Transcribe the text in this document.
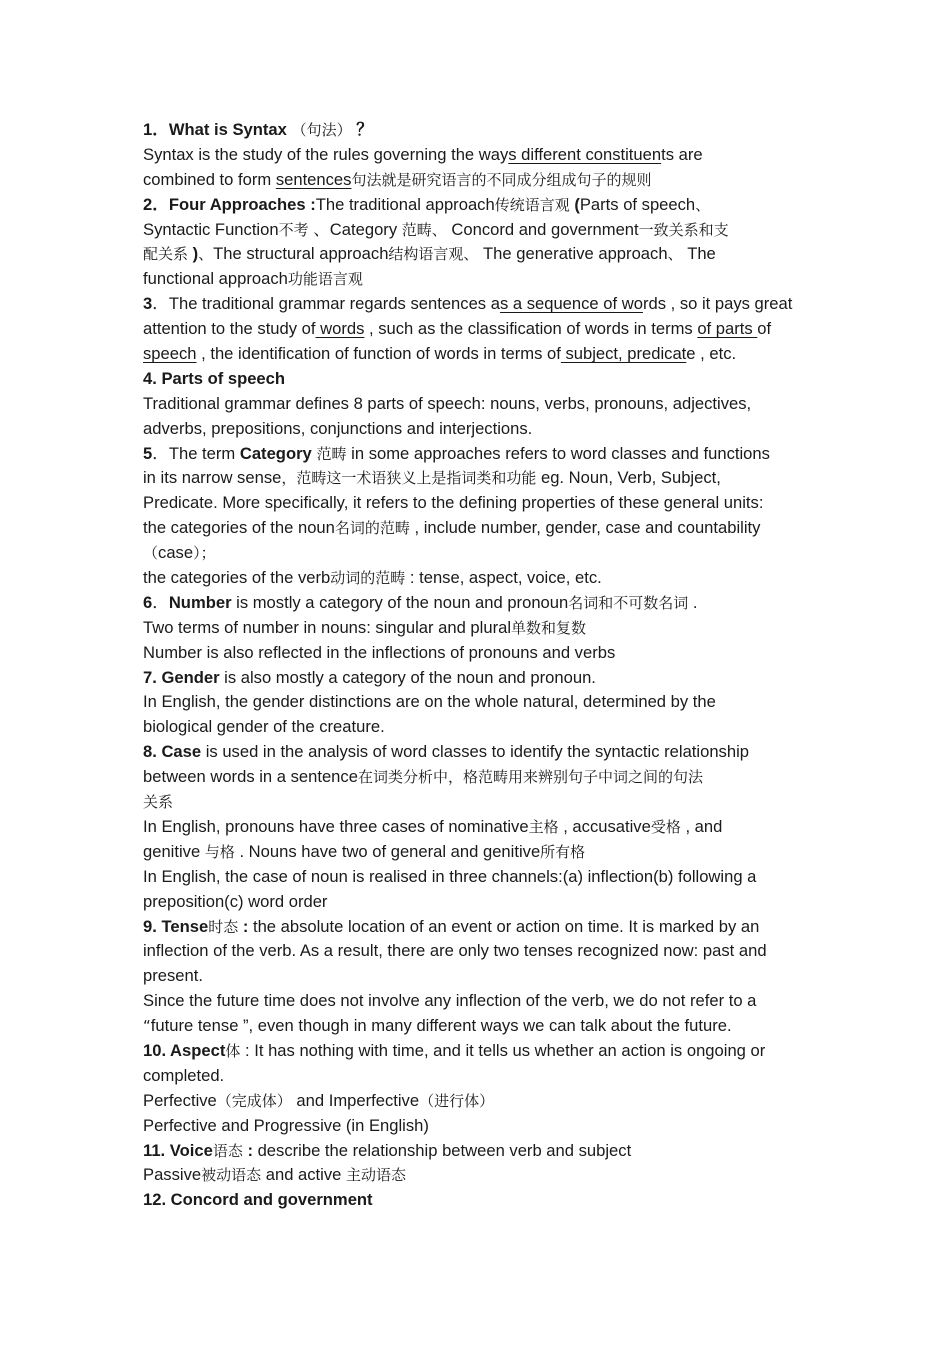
1．What is Syntax （句法） ？
Syntax is the study of the rules governing the ways different constituents are
combined to form sentences句法就是研究语言的不同成分组成句子的规则
2．Four Approaches :The traditional approach传统语言观 (Parts of speech、
Syntactic Function不考 、Category 范畴、 Concord and government一致关系和支
配关系 )、The structural approach结构语言观、 The generative approach、 The
functional approach功能语言观
3．The traditional grammar regards sentences as a sequence of words , so it pays great
attention to the study of words , such as the classification of words in terms of parts of
speech , the identification of function of words in terms of subject, predicate , etc.
4. Parts of speech
Traditional grammar defines 8 parts of speech: nouns, verbs, pronouns, adjectives,
adverbs, prepositions, conjunctions and interjections.
5．The term Category 范畴 in some approaches refers to word classes and functions
in its narrow sense，范畴这一术语狭义上是指词类和功能 eg. Noun, Verb, Subject,
Predicate. More specifically, it refers to the defining properties of these general units:
the categories of the noun名词的范畴 , include number, gender, case and countability
（case）；
the categories of the verb动词的范畴 : tense, aspect, voice, etc.
6．Number is mostly a category of the noun and pronoun名词和不可数名词 .
Two terms of number in nouns: singular and plural单数和复数
Number is also reflected in the inflections of pronouns and verbs
7. Gender is also mostly a category of the noun and pronoun.
In English, the gender distinctions are on the whole natural, determined by the
biological gender of the creature.
8. Case is used in the analysis of word classes to identify the syntactic relationship
between words in a sentence在词类分析中，格范畴用来辨别句子中词之间的句法
关系
In English, pronouns have three cases of nominative主格 , accusative受格 , and
genitive 与格 . Nouns have two of general and genitive所有格
In English, the case of noun is realised in three channels:(a) inflection(b) following a
preposition(c) word order
9. Tense时态 : the absolute location of an event or action on time. It is marked by an
inflection of the verb. As a result, there are only two tenses recognized now: past and
present.
Since the future time does not involve any inflection of the verb, we do not refer to a
“future tense ”, even though in many different ways we can talk about the future.
10. Aspect体 : It has nothing with time, and it tells us whether an action is ongoing or
completed.
Perfective（完成体） and Imperfective（进行体）
Perfective and Progressive (in English)
11. Voice语态 : describe the relationship between verb and subject
Passive被动语态 and active 主动语态
12. Concord and government
